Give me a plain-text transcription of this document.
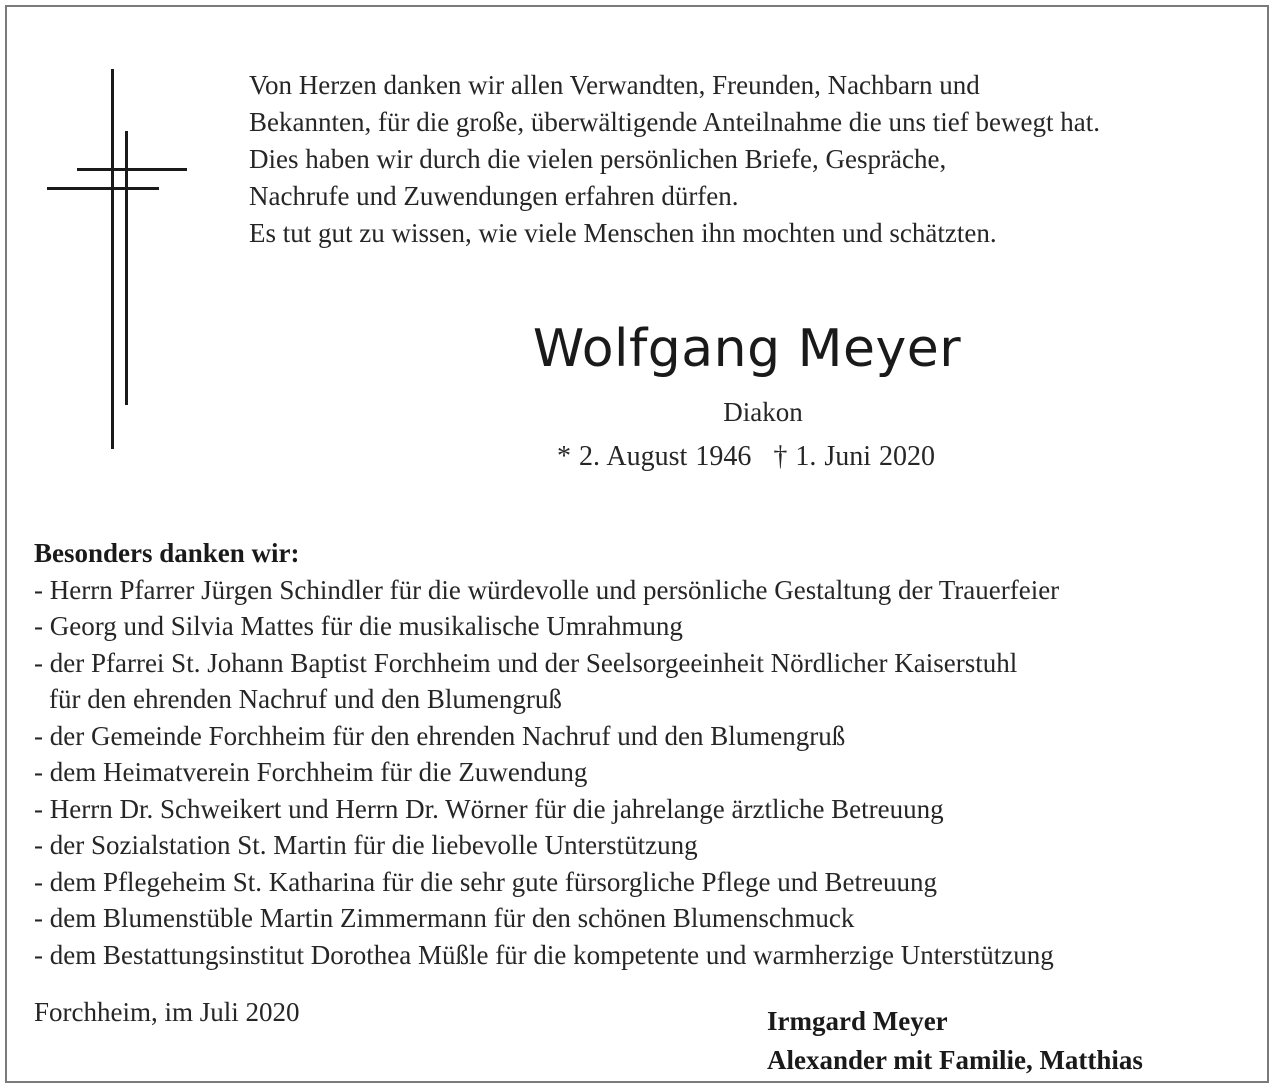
Von Herzen danken wir allen Verwandten, Freunden, Nachbarn und
Bekannten, für die große, überwältigende Anteilnahme die uns tief bewegt hat.
Dies haben wir durch die vielen persönlichen Briefe, Gespräche,
Nachrufe und Zuwendungen erfahren dürfen.
Es tut gut zu wissen, wie viele Menschen ihn mochten und schätzten.
Wolfgang Meyer
Diakon
* 2. August 1946 † 1. Juni 2020
Besonders danken wir:
- Herrn Pfarrer Jürgen Schindler für die würdevolle und persönliche Gestaltung der Trauerfeier
- Georg und Silvia Mattes für die musikalische Umrahmung
- der Pfarrei St. Johann Baptist Forchheim und der Seelsorgeeinheit Nördlicher Kaiserstuhl
für den ehrenden Nachruf und den Blumengruß
- der Gemeinde Forchheim für den ehrenden Nachruf und den Blumengruß
- dem Heimatverein Forchheim für die Zuwendung
- Herrn Dr. Schweikert und Herrn Dr. Wörner für die jahrelange ärztliche Betreuung
- der Sozialstation St. Martin für die liebevolle Unterstützung
- dem Pflegeheim St. Katharina für die sehr gute fürsorgliche Pflege und Betreuung
- dem Blumenstüble Martin Zimmermann für den schönen Blumenschmuck
- dem Bestattungsinstitut Dorothea Müßle für die kompetente und warmherzige Unterstützung
Forchheim, im Juli 2020	Irmgard Meyer
Alexander mit Familie, Matthias
